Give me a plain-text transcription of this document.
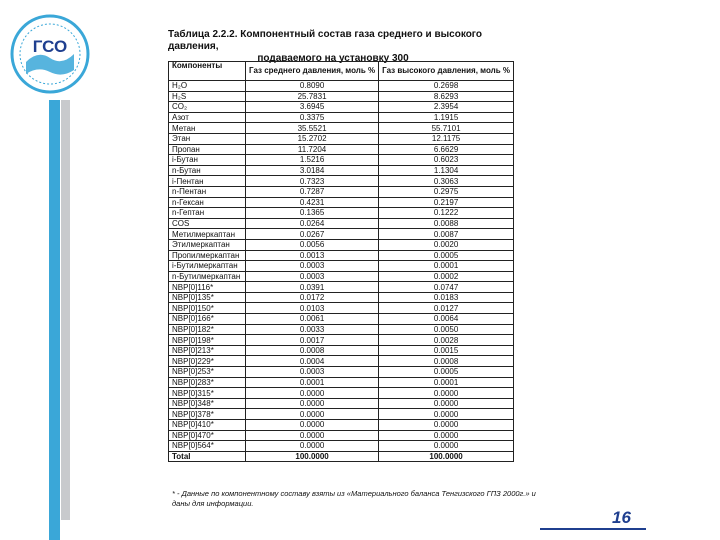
ГСО
Таблица 2.2.2. Компонентный состав газа среднего и высокого давления,
подаваемого на установку 300
Компоненты	Газ среднего давления, моль %	Газ высокого давления, моль %
H₂O	0.8090	0.2698
H₂S	25.7831	8.6293
CO₂	3.6945	2.3954
Азот	0.3375	1.1915
Метан	35.5521	55.7101
Этан	15.2702	12.1175
Пропан	11.7204	6.6629
i-Бутан	1.5216	0.6023
n-Бутан	3.0184	1.1304
i-Пентан	0.7323	0.3063
n-Пентан	0.7287	0.2975
n-Гексан	0.4231	0.2197
n-Гептан	0.1365	0.1222
COS	0.0264	0.0088
Метилмеркаптан	0.0267	0.0087
Этилмеркаптан	0.0056	0.0020
Пропилмеркаптан	0.0013	0.0005
i-Бутилмеркаптан	0.0003	0.0001
n-Бутилмеркаптан	0.0003	0.0002
NBP[0]116*	0.0391	0.0747
NBP[0]135*	0.0172	0.0183
NBP[0]150*	0.0103	0.0127
NBP[0]166*	0.0061	0.0064
NBP[0]182*	0.0033	0.0050
NBP[0]198*	0.0017	0.0028
NBP[0]213*	0.0008	0.0015
NBP[0]229*	0.0004	0.0008
NBP[0]253*	0.0003	0.0005
NBP[0]283*	0.0001	0.0001
NBP[0]315*	0.0000	0.0000
NBP[0]348*	0.0000	0.0000
NBP[0]378*	0.0000	0.0000
NBP[0]410*	0.0000	0.0000
NBP[0]470*	0.0000	0.0000
NBP[0]564*	0.0000	0.0000
Total	100.0000	100.0000
* - Данные по компонентному составу взяты из «Материального баланса Тенгизского ГПЗ 2000г.» и
даны для информации.
16
